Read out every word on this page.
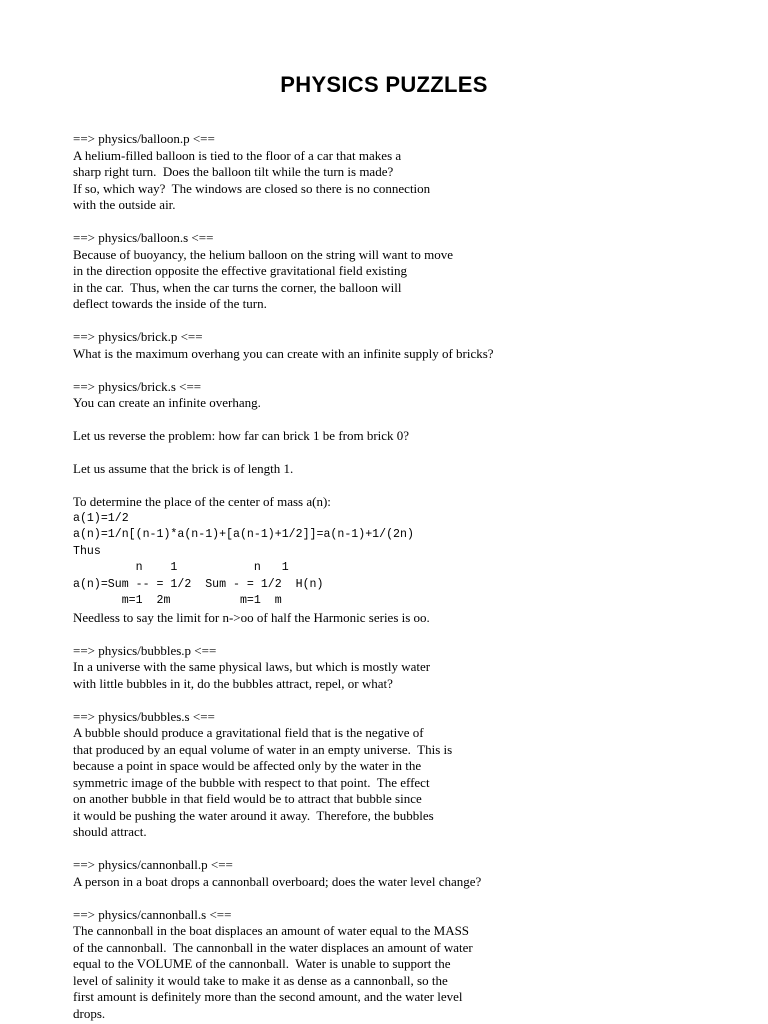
PHYSICS PUZZLES
==> physics/balloon.p <==
A helium-filled balloon is tied to the floor of a car that makes a
sharp right turn.  Does the balloon tilt while the turn is made?
If so, which way?  The windows are closed so there is no connection
with the outside air.
==> physics/balloon.s <==
Because of buoyancy, the helium balloon on the string will want to move
in the direction opposite the effective gravitational field existing
in the car.  Thus, when the car turns the corner, the balloon will
deflect towards the inside of the turn.
==> physics/brick.p <==
What is the maximum overhang you can create with an infinite supply of bricks?
==> physics/brick.s <==
You can create an infinite overhang.
Let us reverse the problem: how far can brick 1 be from brick 0?
Let us assume that the brick is of length 1.
To determine the place of the center of mass a(n):
a(1)=1/2
a(n)=1/n[(n-1)*a(n-1)+[a(n-1)+1/2]]=a(n-1)+1/(2n)
Thus
n    1           n   1
a(n)=Sum -- = 1/2  Sum - = 1/2  H(n)
m=1  2m          m=1  m
Needless to say the limit for n->oo of half the Harmonic series is oo.
==> physics/bubbles.p <==
In a universe with the same physical laws, but which is mostly water
with little bubbles in it, do the bubbles attract, repel, or what?
==> physics/bubbles.s <==
A bubble should produce a gravitational field that is the negative of
that produced by an equal volume of water in an empty universe.  This is
because a point in space would be affected only by the water in the
symmetric image of the bubble with respect to that point.  The effect
on another bubble in that field would be to attract that bubble since
it would be pushing the water around it away.  Therefore, the bubbles
should attract.
==> physics/cannonball.p <==
A person in a boat drops a cannonball overboard; does the water level change?
==> physics/cannonball.s <==
The cannonball in the boat displaces an amount of water equal to the MASS
of the cannonball.  The cannonball in the water displaces an amount of water
equal to the VOLUME of the cannonball.  Water is unable to support the
level of salinity it would take to make it as dense as a cannonball, so the
first amount is definitely more than the second amount, and the water level
drops.
